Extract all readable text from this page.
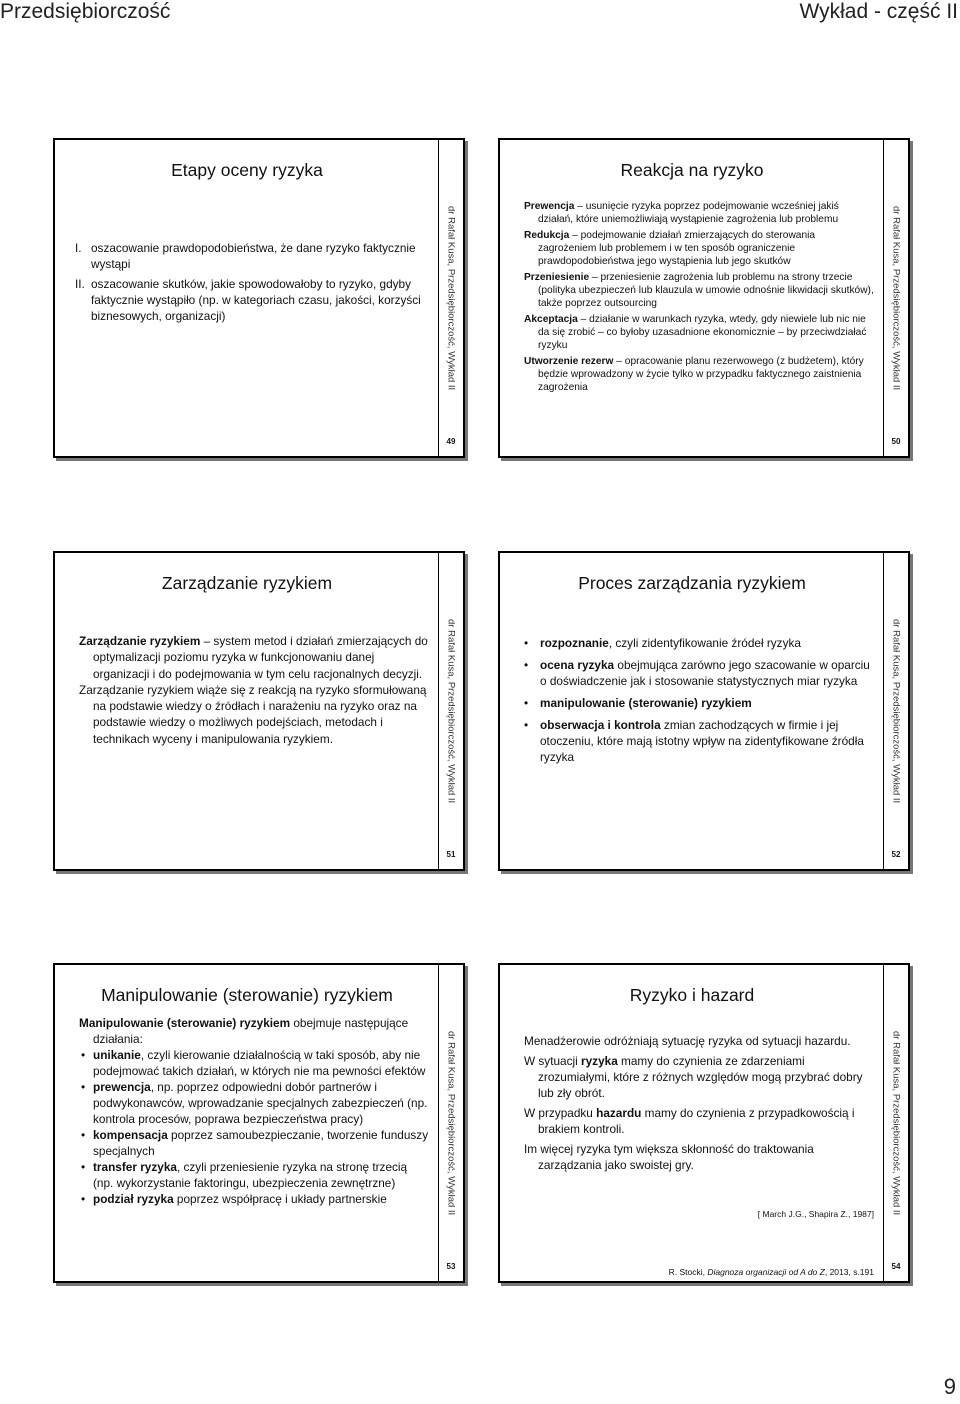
Przedsiębiorczość	Wykład - część II
Etapy oceny ryzyka
I. oszacowanie prawdopodobieństwa, że dane ryzyko faktycznie wystąpi
II. oszacowanie skutków, jakie spowodowałoby to ryzyko, gdyby faktycznie wystąpiło (np. w kategoriach czasu, jakości, korzyści biznesowych, organizacji)	dr Rafał Kusa, Przedsiębiorczość, Wykład II
49
Reakcja na ryzyko
Prewencja – usunięcie ryzyka poprzez podejmowanie wcześniej jakiś działań, które uniemożliwiają wystąpienie zagrożenia lub problemu
Redukcja – podejmowanie działań zmierzających do sterowania zagrożeniem lub problemem i w ten sposób ograniczenie prawdopodobieństwa jego wystąpienia lub jego skutków
Przeniesienie – przeniesienie zagrożenia lub problemu na strony trzecie (polityka ubezpieczeń lub klauzula w umowie odnośnie likwidacji skutków), także poprzez outsourcing
Akceptacja – działanie w warunkach ryzyka, wtedy, gdy niewiele lub nic nie da się zrobić – co byłoby uzasadnione ekonomicznie – by przeciwdziałać ryzyku
Utworzenie rezerw – opracowanie planu rezerwowego (z budżetem), który będzie wprowadzony w życie tylko w przypadku faktycznego zaistnienia zagrożenia	dr Rafał Kusa, Przedsiębiorczość, Wykład II
50
Zarządzanie ryzykiem
Zarządzanie ryzykiem – system metod i działań zmierzających do optymalizacji poziomu ryzyka w funkcjonowaniu danej organizacji i do podejmowania w tym celu racjonalnych decyzji.
Zarządzanie ryzykiem wiąże się z reakcją na ryzyko sformułowaną na podstawie wiedzy o źródłach i narażeniu na ryzyko oraz na podstawie wiedzy o możliwych podejściach, metodach i technikach wyceny i manipulowania ryzykiem.	dr Rafał Kusa, Przedsiębiorczość, Wykład II
51
Proces zarządzania ryzykiem
• rozpoznanie, czyli zidentyfikowanie źródeł ryzyka
• ocena ryzyka obejmująca zarówno jego szacowanie w oparciu o doświadczenie jak i stosowanie statystycznych miar ryzyka
• manipulowanie (sterowanie) ryzykiem
• obserwacja i kontrola zmian zachodzących w firmie i jej otoczeniu, które mają istotny wpływ na zidentyfikowane źródła ryzyka	dr Rafał Kusa, Przedsiębiorczość, Wykład II
52
Manipulowanie (sterowanie) ryzykiem
Manipulowanie (sterowanie) ryzykiem obejmuje następujące działania:
• unikanie, czyli kierowanie działalnością w taki sposób, aby nie podejmować takich działań, w których nie ma pewności efektów
• prewencja, np. poprzez odpowiedni dobór partnerów i podwykonawców, wprowadzanie specjalnych zabezpieczeń (np. kontrola procesów, poprawa bezpieczeństwa pracy)
• kompensacja poprzez samoubezpieczanie, tworzenie funduszy specjalnych
• transfer ryzyka, czyli przeniesienie ryzyka na stronę trzecią (np. wykorzystanie faktoringu, ubezpieczenia zewnętrzne)
• podział ryzyka poprzez współpracę i układy partnerskie	dr Rafał Kusa, Przedsiębiorczość, Wykład II
53
Ryzyko i hazard
Menadżerowie odróżniają sytuację ryzyka od sytuacji hazardu.
W sytuacji ryzyka mamy do czynienia ze zdarzeniami zrozumiałymi, które z różnych względów mogą przybrać dobry lub zły obrót.
W przypadku hazardu mamy do czynienia z przypadkowością i brakiem kontroli.
Im więcej ryzyka tym większa skłonność do traktowania zarządzania jako swoistej gry.
[ March J.G., Shapira Z., 1987]
R. Stocki, Diagnoza organizacji od A do Z, 2013, s.191
dr Rafał Kusa, Przedsiębiorczość, Wykład II
54
9
